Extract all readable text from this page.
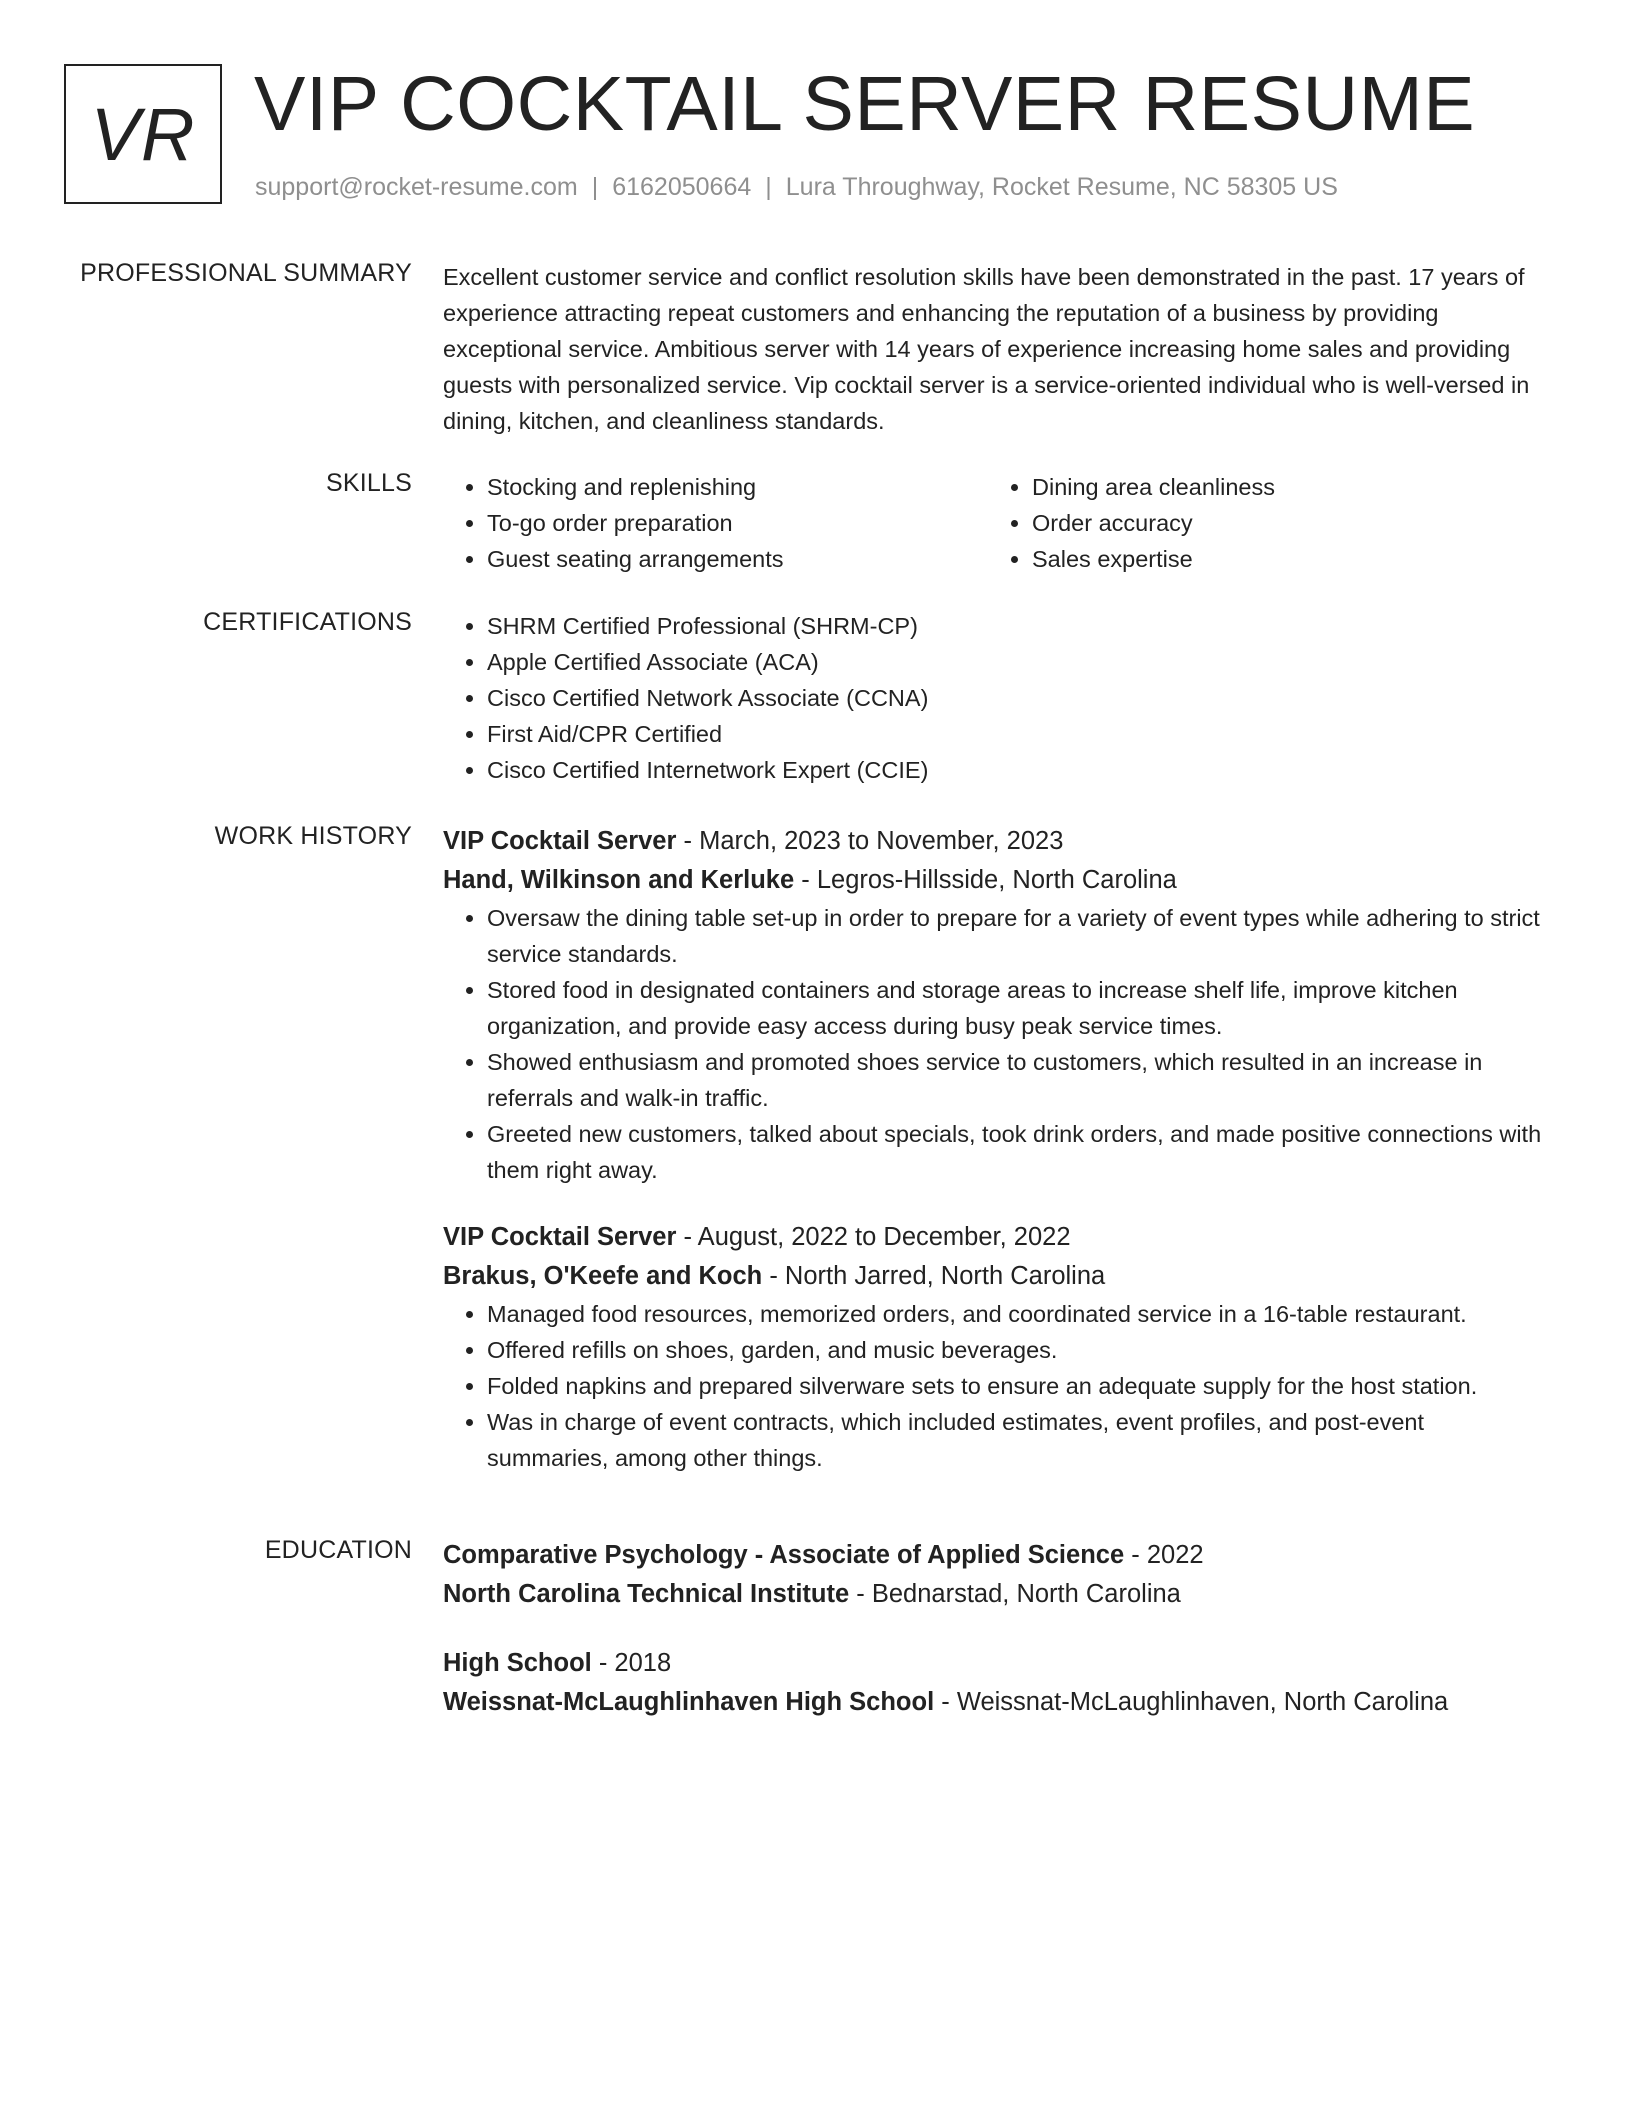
VR VIP COCKTAIL SERVER RESUME
support@rocket-resume.com | 6162050664 | Lura Throughway, Rocket Resume, NC 58305 US
PROFESSIONAL SUMMARY Excellent customer service and conflict resolution skills have been demonstrated in the past. 17 years of experience attracting repeat customers and enhancing the reputation of a business by providing exceptional service. Ambitious server with 14 years of experience increasing home sales and providing guests with personalized service. Vip cocktail server is a service-oriented individual who is well-versed in dining, kitchen, and cleanliness standards.
SKILLS	• Stocking and replenishing
• To-go order preparation
• Guest seating arrangements
• Dining area cleanliness
• Order accuracy
• Sales expertise
CERTIFICATIONS	• SHRM Certified Professional (SHRM-CP)
• Apple Certified Associate (ACA)
• Cisco Certified Network Associate (CCNA)
• First Aid/CPR Certified
• Cisco Certified Internetwork Expert (CCIE)
WORK HISTORY VIP Cocktail Server - March, 2023 to November, 2023
Hand, Wilkinson and Kerluke - Legros-Hillsside, North Carolina
• Oversaw the dining table set-up in order to prepare for a variety of event types while adhering to strict service standards.
• Stored food in designated containers and storage areas to increase shelf life, improve kitchen organization, and provide easy access during busy peak service times.
• Showed enthusiasm and promoted shoes service to customers, which resulted in an increase in referrals and walk-in traffic.
• Greeted new customers, talked about specials, took drink orders, and made positive connections with them right away.
VIP Cocktail Server - August, 2022 to December, 2022
Brakus, O'Keefe and Koch - North Jarred, North Carolina
• Managed food resources, memorized orders, and coordinated service in a 16-table restaurant.
• Offered refills on shoes, garden, and music beverages.
• Folded napkins and prepared silverware sets to ensure an adequate supply for the host station.
• Was in charge of event contracts, which included estimates, event profiles, and post-event summaries, among other things.
EDUCATION Comparative Psychology - Associate of Applied Science - 2022
North Carolina Technical Institute - Bednarstad, North Carolina
High School - 2018
Weissnat-McLaughlinhaven High School - Weissnat-McLaughlinhaven, North Carolina
